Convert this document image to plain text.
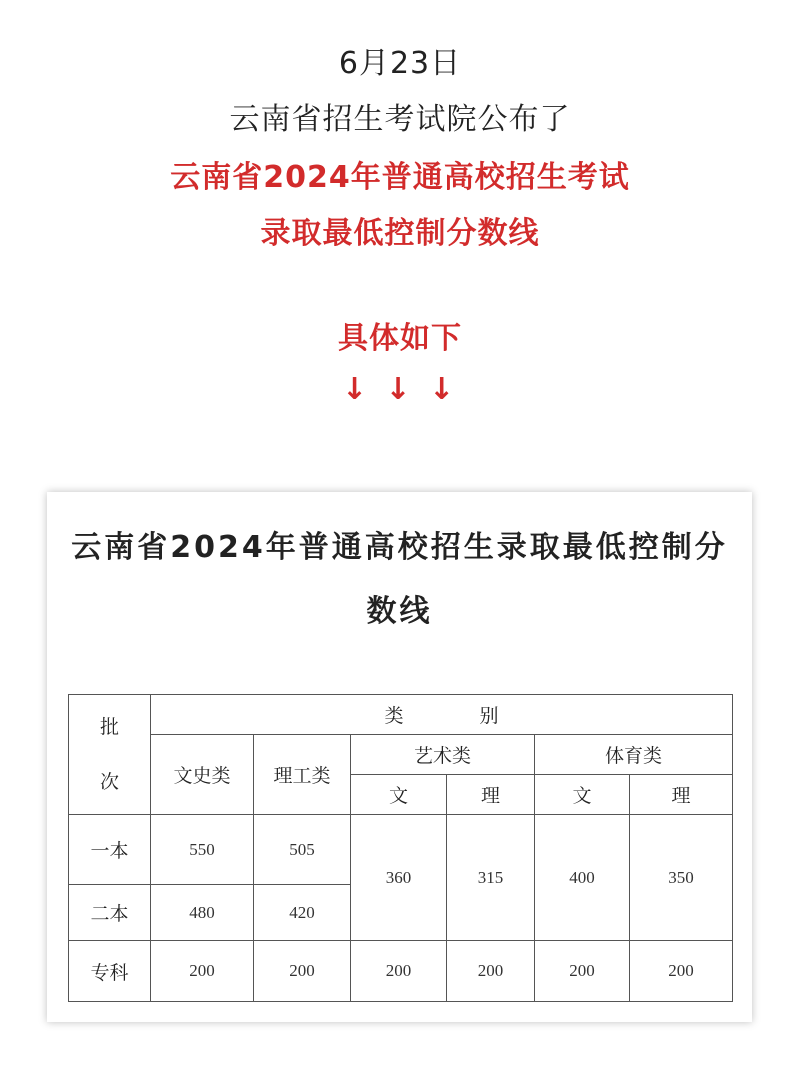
6月23日
云南省招生考试院公布了
云南省2024年普通高校招生考试
录取最低控制分数线
具体如下
↓ ↓ ↓
云南省2024年普通高校招生录取最低控制分
数线
批
次	类　　　　别					
	文史类	理工类	艺术类		体育类	
			文	理	文	理
一本	550	505	360	315	400	350
二本	480	420				
专科	200	200	200	200	200	200
